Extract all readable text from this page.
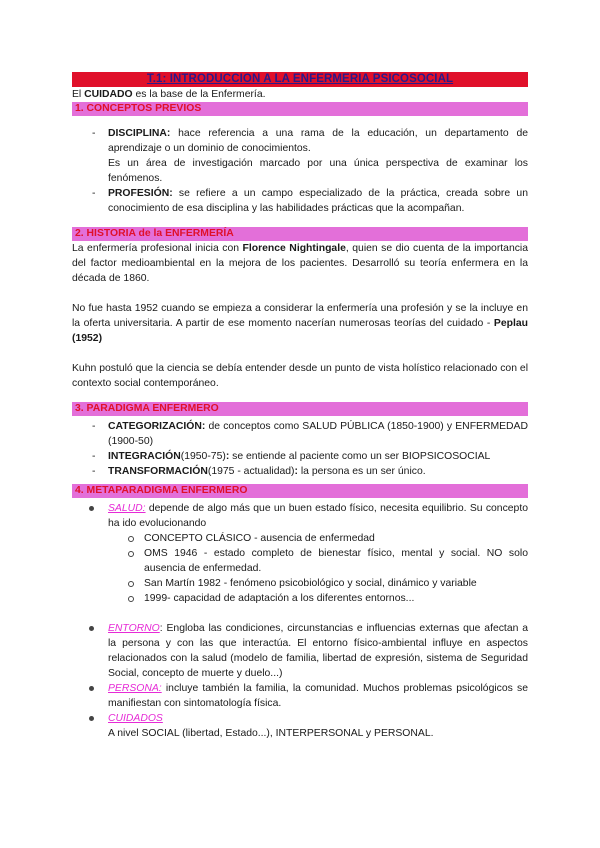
T.1: INTRODUCCION A LA ENFERMERIA PSICOSOCIAL

El CUIDADO es la base de la Enfermería.

1. CONCEPTOS PREVIOS
- DISCIPLINA: hace referencia a una rama de la educación, un departamento de aprendizaje o un dominio de conocimientos.
Es un área de investigación marcado por una única perspectiva de examinar los fenómenos.
- PROFESIÓN: se refiere a un campo especializado de la práctica, creada sobre un conocimiento de esa disciplina y las habilidades prácticas que la acompañan.
2. HISTORIA de la ENFERMERÍA

La enfermería profesional inicia con Florence Nightingale, quien se dio cuenta de la importancia del factor medioambiental en la mejora de los pacientes. Desarrolló su teoría enfermera en la década de 1860.

No fue hasta 1952 cuando se empieza a considerar la enfermería una profesión y se la incluye en la oferta universitaria. A partir de ese momento nacerían numerosas teorías del cuidado - Peplau (1952)

Kuhn postuló que la ciencia se debía entender desde un punto de vista holístico relacionado con el contexto social contemporáneo.

3. PARADIGMA ENFERMERO
- CATEGORIZACIÓN: de conceptos como SALUD PÚBLICA (1850-1900) y ENFERMEDAD (1900-50)
- INTEGRACIÓN(1950-75): se entiende al paciente como un ser BIOPSICOSOCIAL
- TRANSFORMACIÓN(1975 - actualidad): la persona es un ser único.
4. METAPARADIGMA ENFERMERO
SALUD: depende de algo más que un buen estado físico, necesita equilibrio. Su concepto ha ido evolucionando
CONCEPTO CLÁSICO - ausencia de enfermedad
OMS 1946 - estado completo de bienestar físico, mental y social. NO solo ausencia de enfermedad.
San Martín 1982 - fenómeno psicobiológico y social, dinámico y variable
1999- capacidad de adaptación a los diferentes entornos...
ENTORNO: Engloba las condiciones, circunstancias e influencias externas que afectan a la persona y con las que interactúa. El entorno físico-ambiental influye en aspectos relacionados con la salud (modelo de familia, libertad de expresión, sistema de Seguridad Social, concepto de muerte y duelo...)
PERSONA: incluye también la familia, la comunidad. Muchos problemas psicológicos se manifiestan con sintomatología física.
CUIDADOS
A nivel SOCIAL (libertad, Estado...), INTERPERSONAL y PERSONAL.
